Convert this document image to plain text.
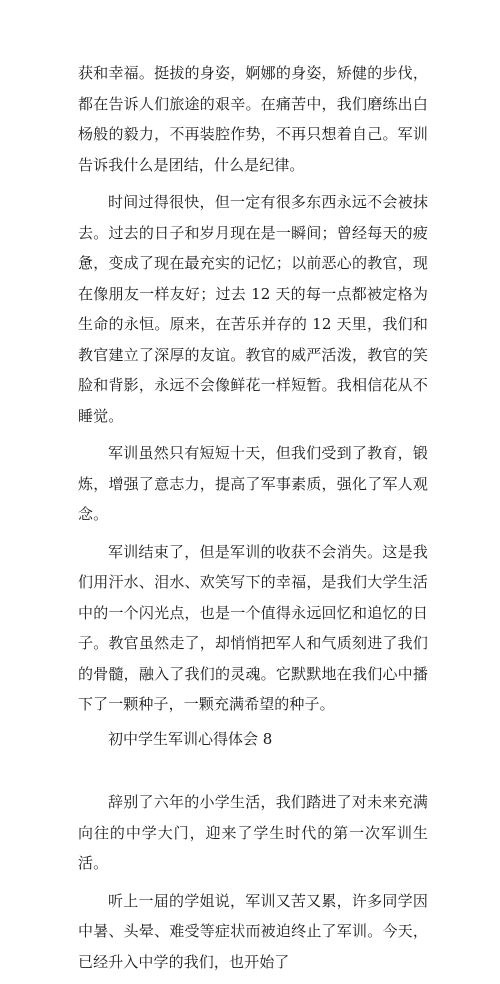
获和幸福。挺拔的身姿，婀娜的身姿，矫健的步伐，都在告诉人们旅途的艰辛。在痛苦中，我们磨练出白杨般的毅力，不再装腔作势，不再只想着自己。军训告诉我什么是团结，什么是纪律。

时间过得很快，但一定有很多东西永远不会被抹去。过去的日子和岁月现在是一瞬间；曾经每天的疲惫，变成了现在最充实的记忆；以前恶心的教官，现在像朋友一样友好；过去 12 天的每一点都被定格为生命的永恒。原来，在苦乐并存的 12 天里，我们和教官建立了深厚的友谊。教官的威严活泼，教官的笑脸和背影，永远不会像鲜花一样短暂。我相信花从不睡觉。

军训虽然只有短短十天，但我们受到了教育，锻炼，增强了意志力，提高了军事素质，强化了军人观念。

军训结束了，但是军训的收获不会消失。这是我们用汗水、泪水、欢笑写下的幸福，是我们大学生活中的一个闪光点，也是一个值得永远回忆和追忆的日子。教官虽然走了，却悄悄把军人和气质刻进了我们的骨髓，融入了我们的灵魂。它默默地在我们心中播下了一颗种子，一颗充满希望的种子。

初中学生军训心得体会 8

辞别了六年的小学生活，我们踏进了对未来充满向往的中学大门，迎来了学生时代的第一次军训生活。

听上一届的学姐说，军训又苦又累，许多同学因中暑、头晕、难受等症状而被迫终止了军训。今天，已经升入中学的我们，也开始了
